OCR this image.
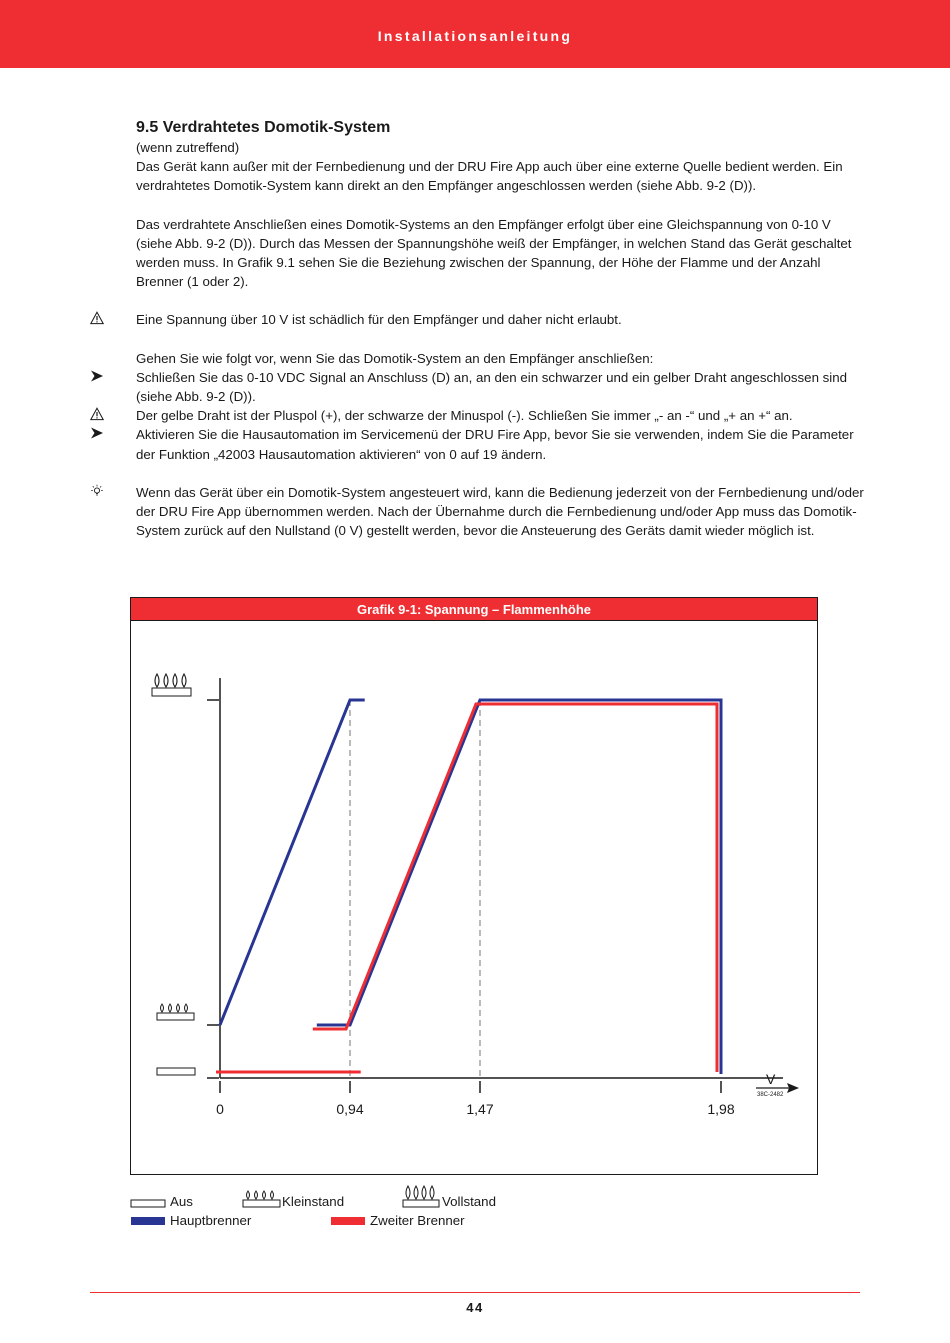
Installationsanleitung

9.5 Verdrahtetes Domotik-System

(wenn zutreffend)

Das Gerät kann außer mit der Fernbedienung und der DRU Fire App auch über eine externe Quelle bedient werden. Ein verdrahtetes Domotik-System kann direkt an den Empfänger angeschlossen werden (siehe Abb. 9-2 (D)).

Das verdrahtete Anschließen eines Domotik-Systems an den Empfänger erfolgt über eine Gleichspannung von 0-10 V (siehe Abb. 9-2 (D)). Durch das Messen der Spannungshöhe weiß der Empfänger, in welchen Stand das Gerät geschaltet werden muss. In Grafik 9.1 sehen Sie die Beziehung zwischen der Spannung, der Höhe der Flamme und der Anzahl Brenner (1 oder 2).

Eine Spannung über 10 V ist schädlich für den Empfänger und daher nicht erlaubt.

Gehen Sie wie folgt vor, wenn Sie das Domotik-System an den Empfänger anschließen:

Schließen Sie das 0-10 VDC Signal an Anschluss (D) an, an den ein schwarzer und ein gelber Draht angeschlossen sind (siehe Abb. 9-2 (D)).
Der gelbe Draht ist der Pluspol (+), der schwarze der Minuspol (-). Schließen Sie immer „- an -“ und „+ an +“ an.
Aktivieren Sie die Hausautomation im Servicemenü der DRU Fire App, bevor Sie sie verwenden, indem Sie die Parameter der Funktion „42003 Hausautomation aktivieren“ von 0 auf 19 ändern.
Wenn das Gerät über ein Domotik-System angesteuert wird, kann die Bedienung jederzeit von der Fernbedienung und/oder der DRU Fire App übernommen werden. Nach der Übernahme durch die Fernbedienung und/oder App muss das Domotik-System zurück auf den Nullstand (0 V) gestellt werden, bevor die Ansteuerung des Geräts damit wieder möglich ist.
Grafik 9-1: Spannung – Flammenhöhe
V
38C-2482
0	0,94	1,47	1,98
Aus	Kleinstand	Vollstand
Hauptbrenner	Zweiter Brenner
44
